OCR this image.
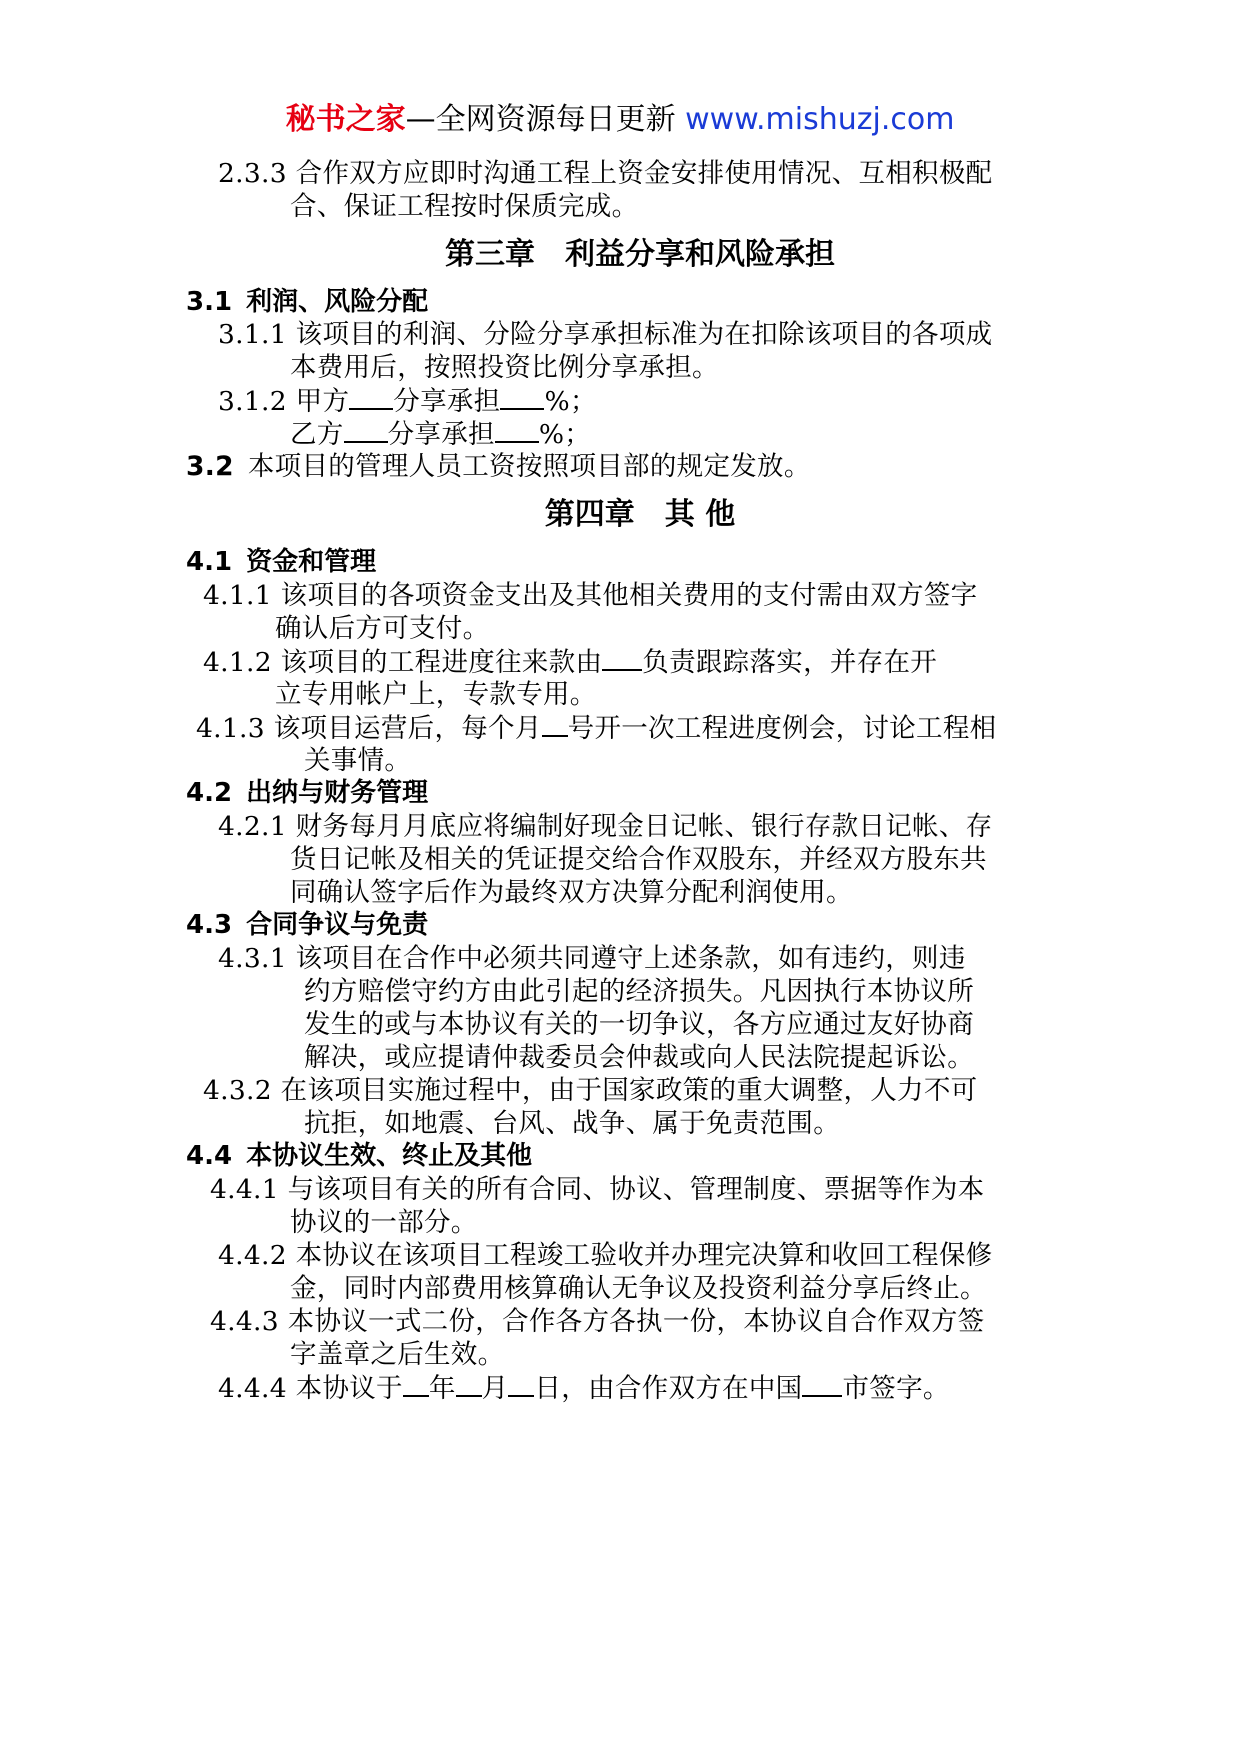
秘书之家—全网资源每日更新 www.mishuzj.com
2.3.3 合作双方应即时沟通工程上资金安排使用情况、互相积极配
合、保证工程按时保质完成。
第三章　利益分享和风险承担
3.1 利润、风险分配
3.1.1 该项目的利润、分险分享承担标准为在扣除该项目的各项成
本费用后，按照投资比例分享承担。
3.1.2 甲方 分享承担 %；
乙方 分享承担 %；
3.2 本项目的管理人员工资按照项目部的规定发放。
第四章　其 他
4.1 资金和管理
4.1.1 该项目的各项资金支出及其他相关费用的支付需由双方签字
确认后方可支付。
4.1.2 该项目的工程进度往来款由 负责跟踪落实，并存在开
立专用帐户上，专款专用。
4.1.3 该项目运营后，每个月 号开一次工程进度例会，讨论工程相
关事情。
4.2 出纳与财务管理
4.2.1 财务每月月底应将编制好现金日记帐、银行存款日记帐、存
货日记帐及相关的凭证提交给合作双股东，并经双方股东共
同确认签字后作为最终双方决算分配利润使用。
4.3 合同争议与免责
4.3.1 该项目在合作中必须共同遵守上述条款，如有违约，则违
约方赔偿守约方由此引起的经济损失。凡因执行本协议所
发生的或与本协议有关的一切争议，各方应通过友好协商
解决，或应提请仲裁委员会仲裁或向人民法院提起诉讼。
4.3.2 在该项目实施过程中，由于国家政策的重大调整，人力不可
抗拒，如地震、台风、战争、属于免责范围。
4.4 本协议生效、终止及其他
4.4.1 与该项目有关的所有合同、协议、管理制度、票据等作为本
协议的一部分。
4.4.2 本协议在该项目工程竣工验收并办理完决算和收回工程保修
金，同时内部费用核算确认无争议及投资利益分享后终止。
4.4.3 本协议一式二份，合作各方各执一份，本协议自合作双方签
字盖章之后生效。
4.4.4 本协议于 年 月 日，由合作双方在中国 市签字。
